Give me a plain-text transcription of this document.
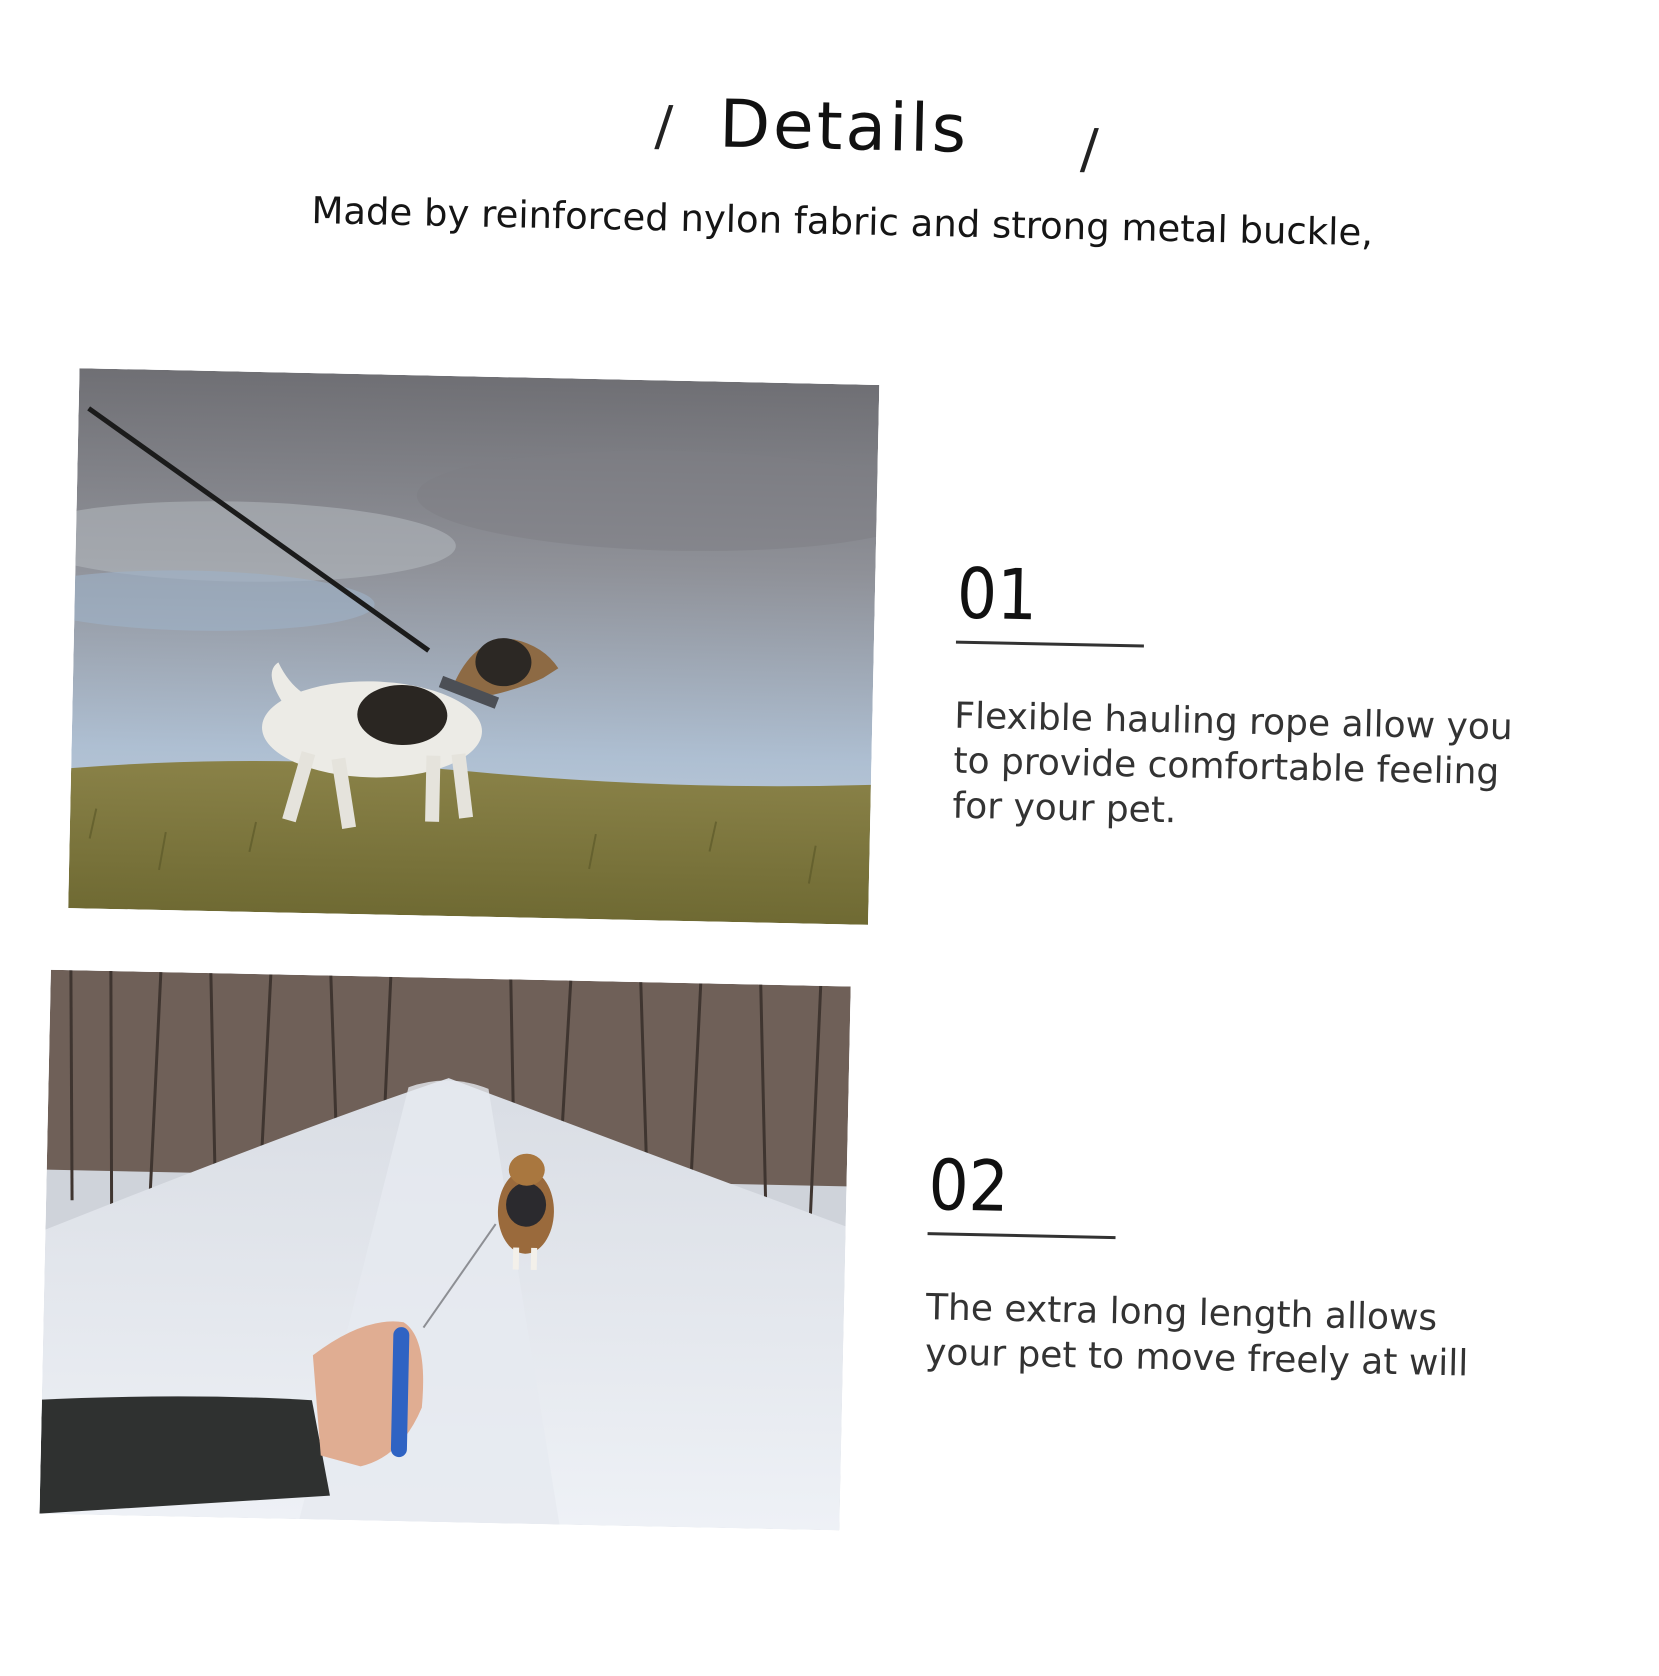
/ Details	/
Made by reinforced nylon fabric and strong metal buckle,
01
Flexible hauling rope allow you to provide comfortable feeling for your pet.
02
The extra long length allows your pet to move freely at will
